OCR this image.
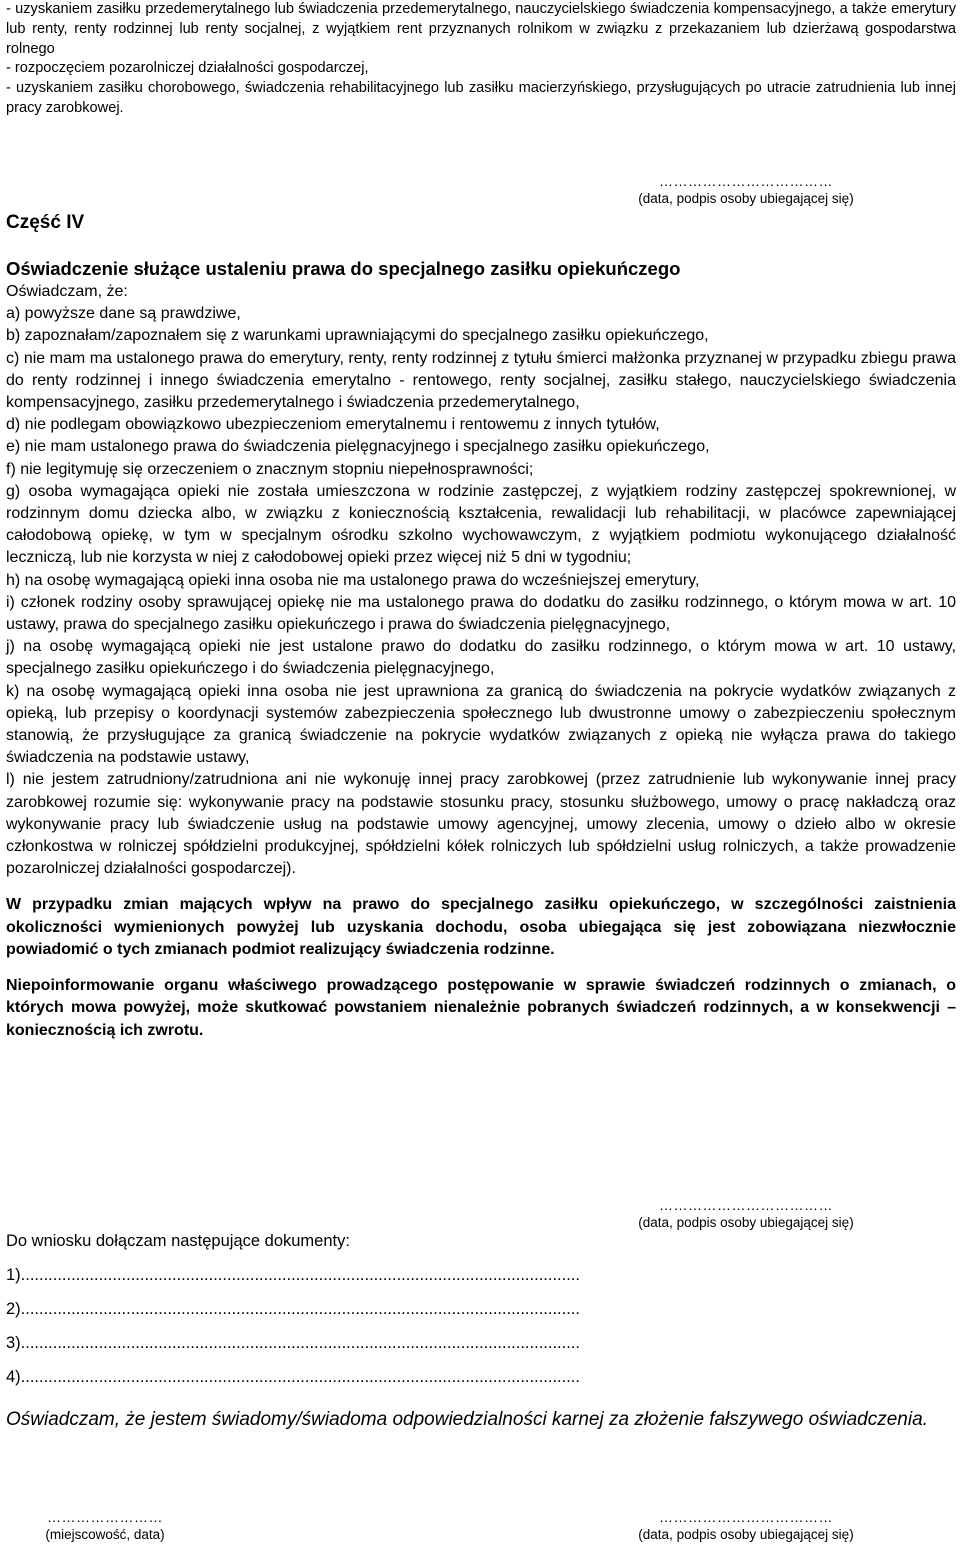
- uzyskaniem zasiłku przedemerytalnego lub świadczenia przedemerytalnego, nauczycielskiego świadczenia kompensacyjnego, a także emerytury lub renty, renty rodzinnej lub renty socjalnej, z wyjątkiem rent przyznanych rolnikom w związku z przekazaniem lub dzierżawą gospodarstwa rolnego

- rozpoczęciem pozarolniczej działalności gospodarczej,

- uzyskaniem zasiłku chorobowego, świadczenia rehabilitacyjnego lub zasiłku macierzyńskiego, przysługujących po utracie zatrudnienia lub innej pracy zarobkowej.

………………………………
(data, podpis osoby ubiegającej się)
Część IV
Oświadczenie służące ustaleniu prawa do specjalnego zasiłku opiekuńczego

Oświadczam, że:

a) powyższe dane są prawdziwe,

b) zapoznałam/zapoznałem się z warunkami uprawniającymi do specjalnego zasiłku opiekuńczego,

c) nie mam ma ustalonego prawa do emerytury, renty, renty rodzinnej z tytułu śmierci małżonka przyznanej w przypadku zbiegu prawa do renty rodzinnej i innego świadczenia emerytalno - rentowego, renty socjalnej, zasiłku stałego, nauczycielskiego świadczenia kompensacyjnego, zasiłku przedemerytalnego i świadczenia przedemerytalnego,

d) nie podlegam obowiązkowo ubezpieczeniom emerytalnemu i rentowemu z innych tytułów,

e) nie mam ustalonego prawa do świadczenia pielęgnacyjnego i specjalnego zasiłku opiekuńczego,

f) nie legitymuję się orzeczeniem o znacznym stopniu niepełnosprawności;

g) osoba wymagająca opieki nie została umieszczona w rodzinie zastępczej, z wyjątkiem rodziny zastępczej spokrewnionej, w rodzinnym domu dziecka albo, w związku z koniecznością kształcenia, rewalidacji lub rehabilitacji, w placówce zapewniającej całodobową opiekę, w tym w specjalnym ośrodku szkolno wychowawczym, z wyjątkiem podmiotu wykonującego działalność leczniczą, lub nie korzysta w niej z całodobowej opieki przez więcej niż 5 dni w tygodniu;

h) na osobę wymagającą opieki inna osoba nie ma ustalonego prawa do wcześniejszej emerytury,

i) członek rodziny osoby sprawującej opiekę nie ma ustalonego prawa do dodatku do zasiłku rodzinnego, o którym mowa w art. 10 ustawy, prawa do specjalnego zasiłku opiekuńczego i prawa do świadczenia pielęgnacyjnego,

j) na osobę wymagającą opieki nie jest ustalone prawo do dodatku do zasiłku rodzinnego, o którym mowa w art. 10 ustawy, specjalnego zasiłku opiekuńczego i do świadczenia pielęgnacyjnego,

k) na osobę wymagającą opieki inna osoba nie jest uprawniona za granicą do świadczenia na pokrycie wydatków związanych z opieką, lub przepisy o koordynacji systemów zabezpieczenia społecznego lub dwustronne umowy o zabezpieczeniu społecznym stanowią, że przysługujące za granicą świadczenie na pokrycie wydatków związanych z opieką nie wyłącza prawa do takiego świadczenia na podstawie ustawy,

l) nie jestem zatrudniony/zatrudniona ani nie wykonuję innej pracy zarobkowej (przez zatrudnienie lub wykonywanie innej pracy zarobkowej rozumie się: wykonywanie pracy na podstawie stosunku pracy, stosunku służbowego, umowy o pracę nakładczą oraz wykonywanie pracy lub świadczenie usług na podstawie umowy agencyjnej, umowy zlecenia, umowy o dzieło albo w okresie członkostwa w rolniczej spółdzielni produkcyjnej, spółdzielni kółek rolniczych lub spółdzielni usług rolniczych, a także prowadzenie pozarolniczej działalności gospodarczej).

W przypadku zmian mających wpływ na prawo do specjalnego zasiłku opiekuńczego, w szczególności zaistnienia okoliczności wymienionych powyżej lub uzyskania dochodu, osoba ubiegająca się jest zobowiązana niezwłocznie powiadomić o tych zmianach podmiot realizujący świadczenia rodzinne.

Niepoinformowanie organu właściwego prowadzącego postępowanie w sprawie świadczeń rodzinnych o zmianach, o których mowa powyżej, może skutkować powstaniem nienależnie pobranych świadczeń rodzinnych, a w konsekwencji – koniecznością ich zwrotu.

………………………………
(data, podpis osoby ubiegającej się)
Do wniosku dołączam następujące dokumenty:
1)..........................................................................................................................
2)..........................................................................................................................
3)..........................................................................................................................
4)..........................................................................................................................
Oświadczam, że jestem świadomy/świadoma odpowiedzialności karnej za złożenie fałszywego oświadczenia.
……………………
(miejscowość, data)
………………………………
(data, podpis osoby ubiegającej się)
